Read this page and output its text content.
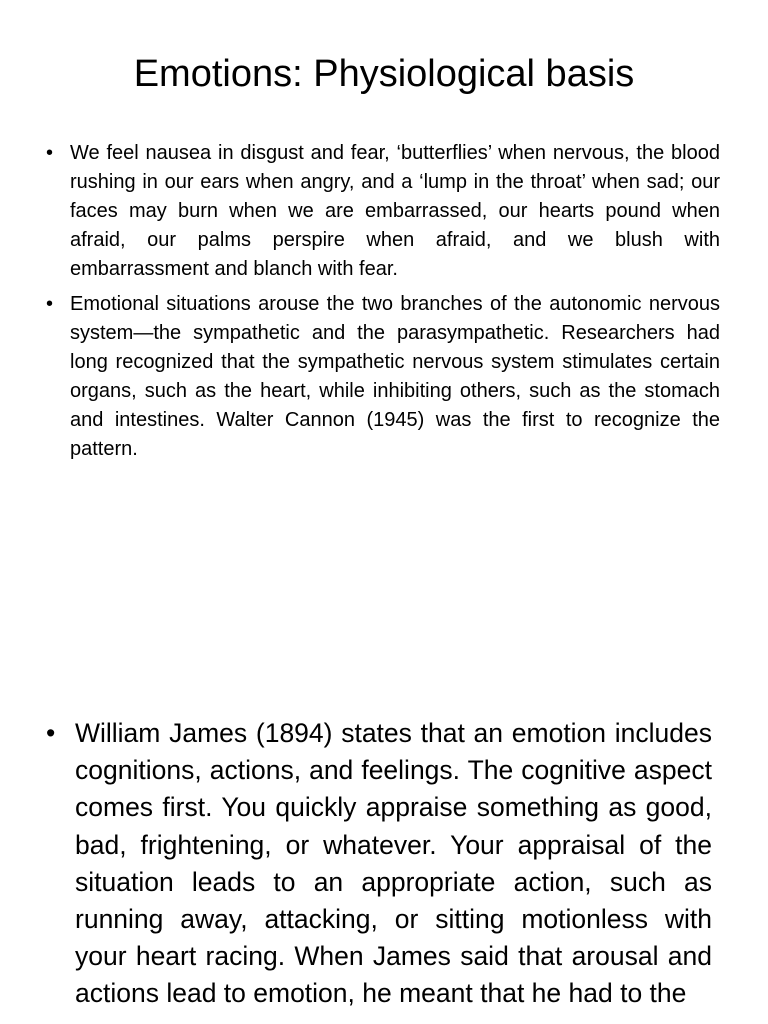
Emotions: Physiological basis
• We feel nausea in disgust and fear, ‘butterflies’ when nervous, the blood rushing in our ears when angry, and a ‘lump in the throat’ when sad; our faces may burn when we are embarrassed, our hearts pound when afraid, our palms perspire when afraid, and we blush with embarrassment and blanch with fear.
• Emotional situations arouse the two branches of the autonomic nervous system—the sympathetic and the parasympathetic. Researchers had long recognized that the sympathetic nervous system stimulates certain organs, such as the heart, while inhibiting others, such as the stomach and intestines. Walter Cannon (1945) was the first to recognize the pattern.
• William James (1894) states that an emotion includes cognitions, actions, and feelings. The cognitive aspect comes first. You quickly appraise something as good, bad, frightening, or whatever. Your appraisal of the situation leads to an appropriate action, such as running away, attacking, or sitting motionless with your heart racing. When James said that arousal and actions lead to emotion, he meant that he had to the
